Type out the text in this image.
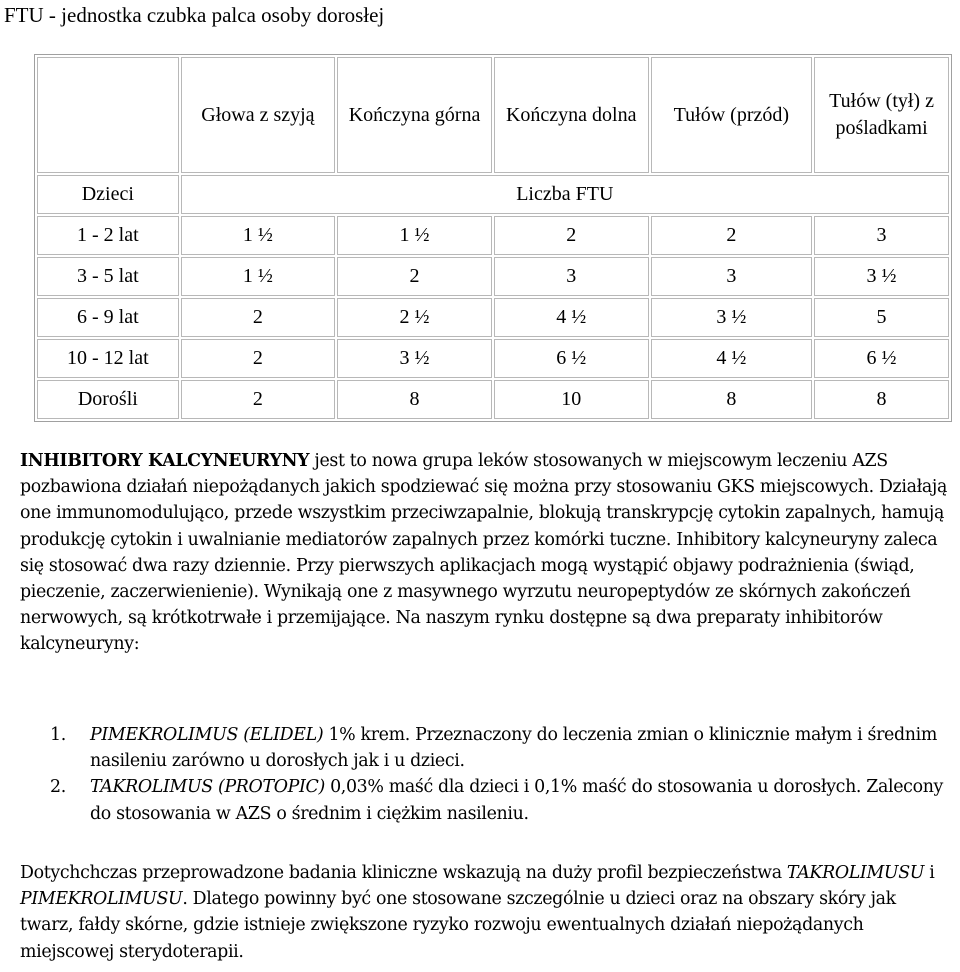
FTU - jednostka czubka palca osoby dorosłej
	Głowa z szyją	Kończyna górna	Kończyna dolna	Tułów (przód)	Tułów (tył) z pośladkami
Dzieci	Liczba FTU				
1 - 2 lat	1 ½	1 ½	2	2	3
3 - 5 lat	1 ½	2	3	3	3 ½
6 - 9 lat	2	2 ½	4 ½	3 ½	5
10 - 12 lat	2	3 ½	6 ½	4 ½	6 ½
Dorośli	2	8	10	8	8
INHIBITORY KALCYNEURYNY jest to nowa grupa leków stosowanych w miejscowym leczeniu AZS pozbawiona działań niepożądanych jakich spodziewać się można przy stosowaniu GKS miejscowych. Działają one immunomodulująco, przede wszystkim przeciwzapalnie, blokują transkrypcję cytokin zapalnych, hamują produkcję cytokin i uwalnianie mediatorów zapalnych przez komórki tuczne. Inhibitory kalcyneuryny zaleca się stosować dwa razy dziennie. Przy pierwszych aplikacjach mogą wystąpić objawy podrażnienia (świąd, pieczenie, zaczerwienienie). Wynikają one z masywnego wyrzutu neuropeptydów ze skórnych zakończeń nerwowych, są krótkotrwałe i przemijające. Na naszym rynku dostępne są dwa preparaty inhibitorów kalcyneuryny:
1. PIMEKROLIMUS (ELIDEL) 1% krem. Przeznaczony do leczenia zmian o klinicznie małym i średnim nasileniu zarówno u dorosłych jak i u dzieci.
2. TAKROLIMUS (PROTOPIC) 0,03% maść dla dzieci i 0,1% maść do stosowania u dorosłych. Zalecony do stosowania w AZS o średnim i ciężkim nasileniu.
Dotychchczas przeprowadzone badania kliniczne wskazują na duży profil bezpieczeństwa TAKROLIMUSU i PIMEKROLIMUSU. Dlatego powinny być one stosowane szczególnie u dzieci oraz na obszary skóry jak twarz, fałdy skórne, gdzie istnieje zwiększone ryzyko rozwoju ewentualnych działań niepożądanych miejscowej sterydoterapii.
